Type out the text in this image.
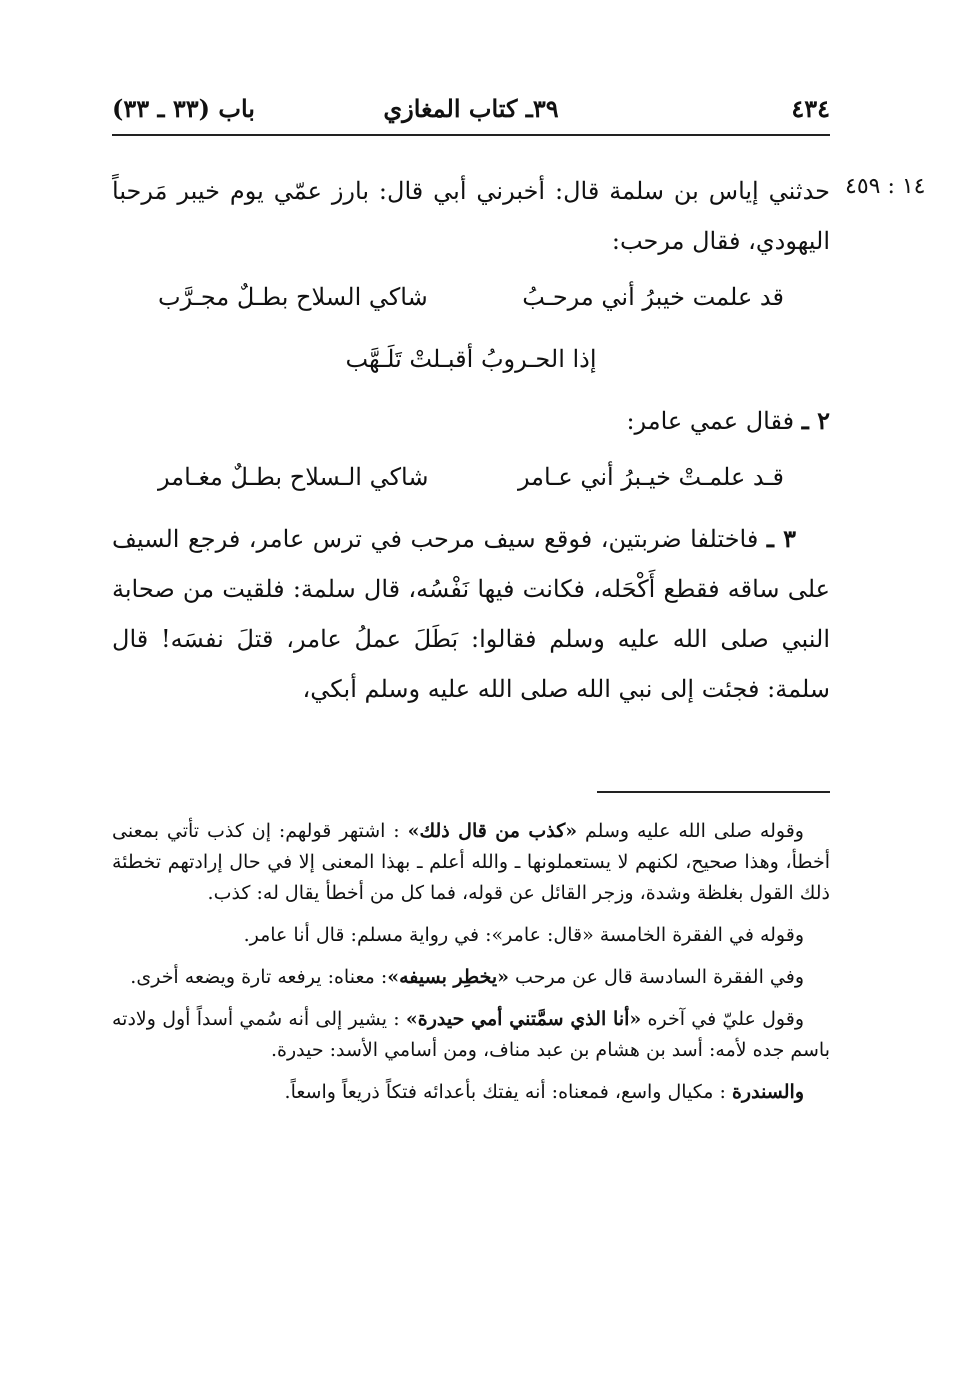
٤٣٤
٣٩ـ كتاب المغازي
باب (٣٣ ـ ٣٣)
١٤ : ٤٥٩

حدثني إياس بن سلمة قال: أخبرني أبي قال: بارز عمّي يوم خيبر مَرحباً اليهودي، فقال مرحب:

قد علمت خيبرُ أني مرحـبُ
شاكي السلاح بطـلٌ مجـرَّب
إذا الحـروبُ أقبـلتْ تَلَـهَّب

٢ ـ فقال عمي عامر:

قـد علمـتْ خيـبرُ أني عـامر
شاكي الـسلاح بطـلٌ مغـامر

٣ ـ فاختلفا ضربتين، فوقع سيف مرحب في ترس عامر، فرجع السيف على ساقه فقطع أَكْحَله، فكانت فيها نَفْسُه، قال سلمة: فلقيت من صحابة النبي صلى الله عليه وسلم فقالوا: بَطَلَ عملُ عامر، قتلَ نفسَه! قال سلمة: فجئت إلى نبي الله صلى الله عليه وسلم أبكي،

وقوله صلى الله عليه وسلم «كذب من قال ذلك» : اشتهر قولهم: إن كذب تأتي بمعنى أخطأ، وهذا صحيح، لكنهم لا يستعملونها ـ والله أعلم ـ بهذا المعنى إلا في حال إرادتهم تخطئة ذلك القول بغلظة وشدة، وزجر القائل عن قوله، فما كل من أخطأ يقال له: كذب.

وقوله في الفقرة الخامسة «قال: عامر»: في رواية مسلم: قال أنا عامر.

وفي الفقرة السادسة قال عن مرحب «يخطِر بسيفه»: معناه: يرفعه تارة ويضعه أخرى.

وقول عليّ في آخره «أنا الذي سمَّتني أمي حيدرة» : يشير إلى أنه سُمي أسداً أول ولادته باسم جده لأمه: أسد بن هشام بن عبد مناف، ومن أسامي الأسد: حيدرة.

والسندرة : مكيال واسع، فمعناه: أنه يفتك بأعدائه فتكاً ذريعاً واسعاً.
